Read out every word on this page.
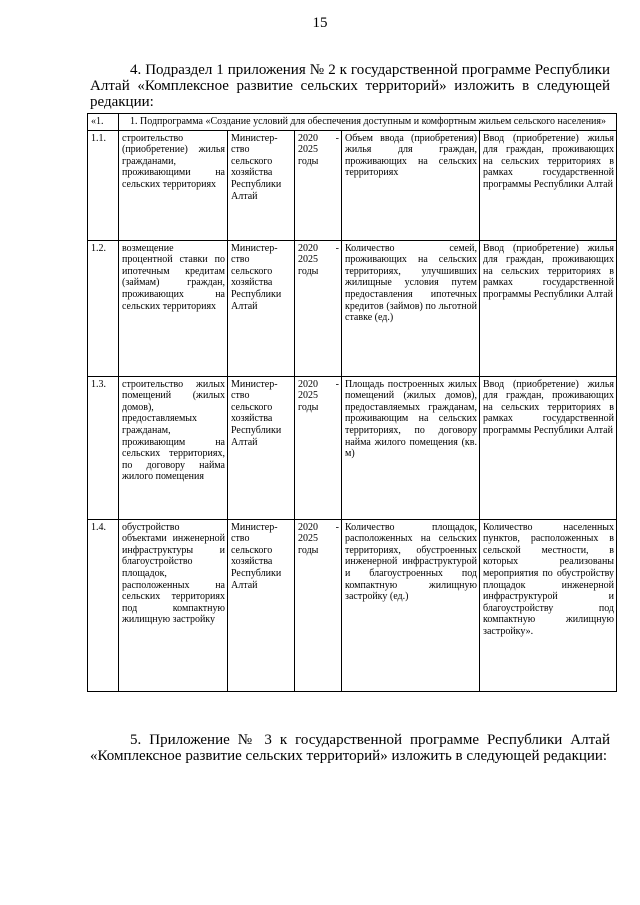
15
4. Подраздел 1 приложения № 2 к государственной программе Республики Алтай «Комплексное развитие сельских территорий» изложить в следующей редакции:
«1.	1. Подпрограмма «Создание условий для обеспечения доступным и комфортным жильем сельского населения»				
1.1.	строительство (приобретение) жилья гражданами, проживающими на сельских территориях	Министер-ство сельского хозяйства Республики Алтай	2020 - 2025 годы	Объем ввода (приобретения) жилья для граждан, проживающих на сельских территориях	Ввод (приобретение) жилья для граждан, проживающих на сельских территориях в рамках государственной программы Республики Алтай
1.2.	возмещение процентной ставки по ипотечным кредитам (займам) граждан, проживающих на сельских территориях	Министер-ство сельского хозяйства Республики Алтай	2020 - 2025 годы	Количество семей, проживающих на сельских территориях, улучшивших жилищные условия путем предоставления ипотечных кредитов (займов) по льготной ставке (ед.)	Ввод (приобретение) жилья для граждан, проживающих на сельских территориях в рамках государственной программы Республики Алтай
1.3.	строительство жилых помещений (жилых домов), предоставляемых гражданам, проживающим на сельских территориях, по договору найма жилого помещения	Министер-ство сельского хозяйства Республики Алтай	2020 - 2025 годы	Площадь построенных жилых помещений (жилых домов), предоставляемых гражданам, проживающим на сельских территориях, по договору найма жилого помещения (кв. м)	Ввод (приобретение) жилья для граждан, проживающих на сельских территориях в рамках государственной программы Республики Алтай
1.4.	обустройство объектами инженерной инфраструктуры и благоустройство площадок, расположенных на сельских территориях под компактную жилищную застройку	Министер-ство сельского хозяйства Республики Алтай	2020 - 2025 годы	Количество площадок, расположенных на сельских территориях, обустроенных инженерной инфраструктурой и благоустроенных под компактную жилищную застройку (ед.)	Количество населенных пунктов, расположенных в сельской местности, в которых реализованы мероприятия по обустройству площадок инженерной инфраструктурой и благоустройству под компактную жилищную застройку».
5. Приложение № 3 к государственной программе Республики Алтай «Комплексное развитие сельских территорий» изложить в следующей редакции:
